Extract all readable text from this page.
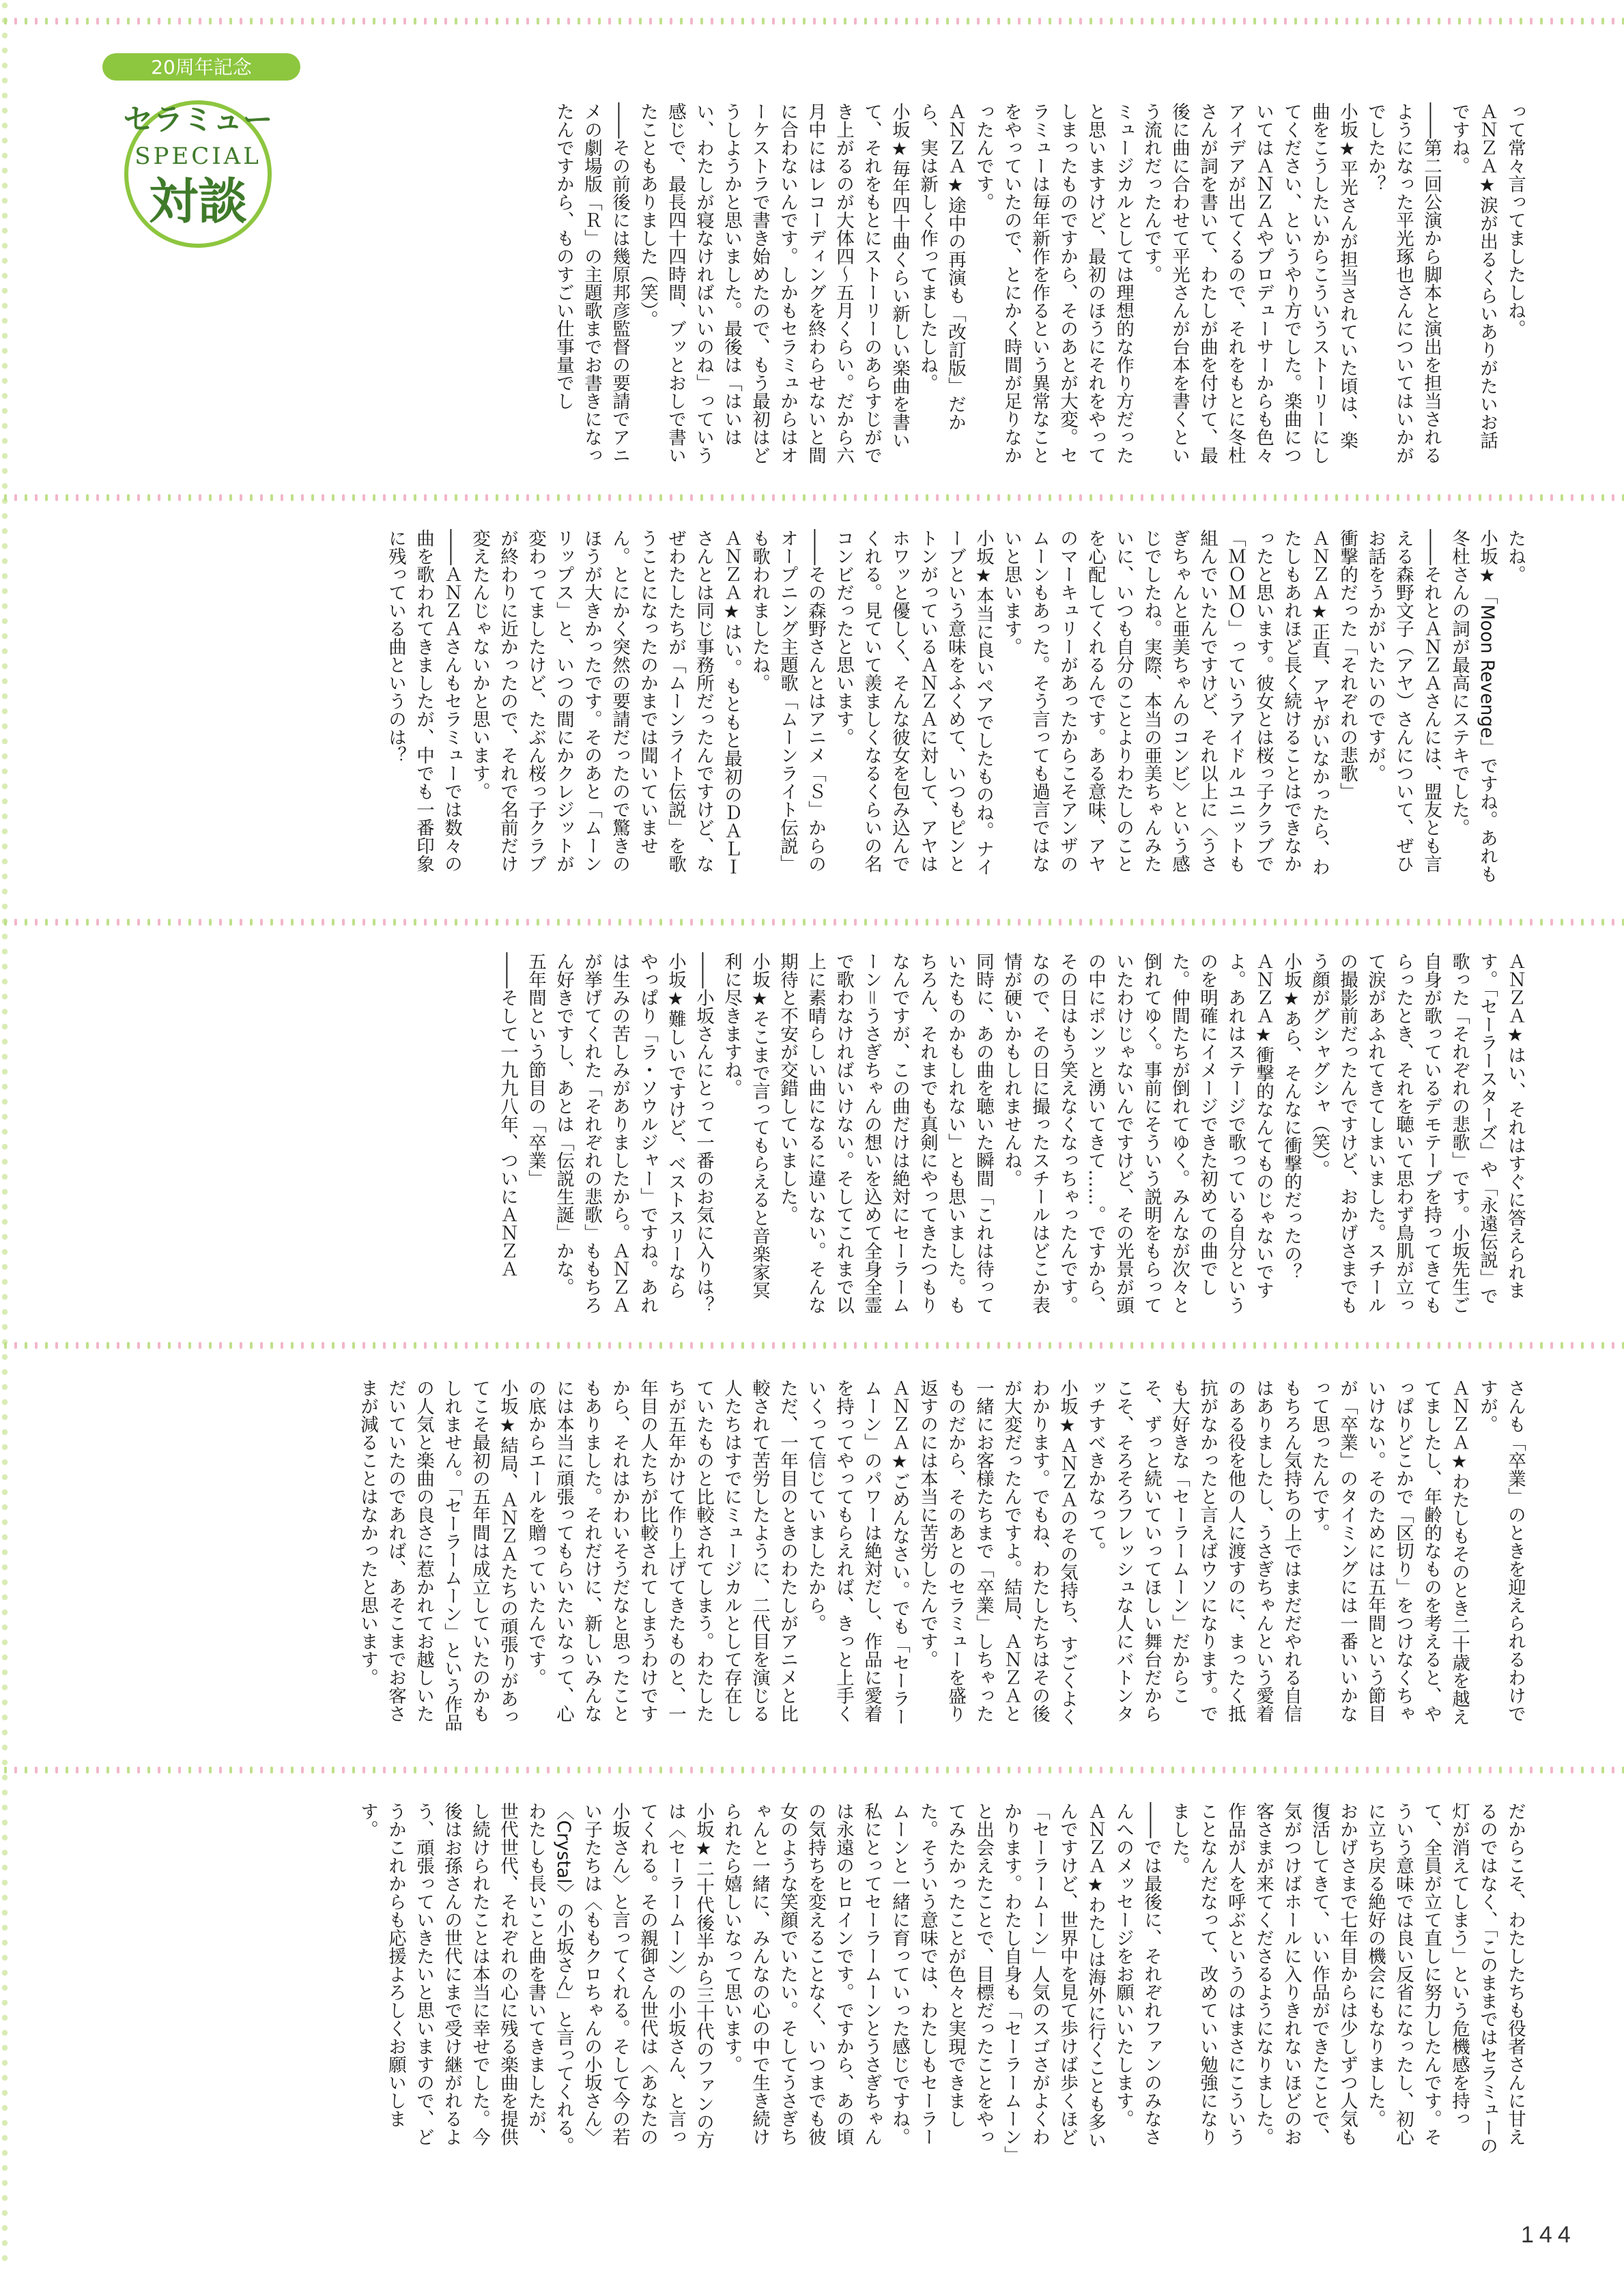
20周年記念
セラミュー
SPECIAL
対談	って常々言ってましたしね。
ＡＮＺＡ★涙が出るくらいありがたいお話ですね。
――第二回公演から脚本と演出を担当されるようになった平光琢也さんについてはいかがでしたか？
小坂★平光さんが担当されていた頃は、楽曲をこうしたいからこういうストーリーにしてください、というやり方でした。楽曲についてはＡＮＺＡやプロデューサーからも色々アイデアが出てくるので、それをもとに冬杜さんが詞を書いて、わたしが曲を付けて、最後に曲に合わせて平光さんが台本を書くという流れだったんです。
ミュージカルとしては理想的な作り方だったと思いますけど、最初のほうにそれをやってしまったものですから、そのあとが大変。セラミューは毎年新作を作るという異常なことをやっていたので、とにかく時間が足りなかったんです。
ＡＮＺＡ★途中の再演も「改訂版」だから、実は新しく作ってましたしね。
小坂★毎年四十曲くらい新しい楽曲を書いて、それをもとにストーリーのあらすじができ上がるのが大体四～五月くらい。だから六月中にはレコーディングを終わらせないと間に合わないんです。しかもセラミュからはオーケストラで書き始めたので、もう最初はどうしようかと思いました。最後は「はいはい、わたしが寝なければいいのね」っていう感じで、最長四十四時間、ブッとおしで書いたこともありました（笑）。
――その前後には幾原邦彦監督の要請でアニメの劇場版「Ｒ」の主題歌までお書きになったんですから、ものすごい仕事量でし
たね。
小坂★「Moon Revenge」ですね。あれも冬杜さんの詞が最高にステキでした。
――それとＡＮＺＡさんには、盟友とも言える森野文子（アヤ）さんについて、ぜひお話をうかがいたいのですが。
衝撃的だった「それぞれの悲歌」
ＡＮＺＡ★正直、アヤがいなかったら、わたしもあれほど長く続けることはできなかったと思います。彼女とは桜っ子クラブで「ＭＯＭＯ」っていうアイドルユニットも組んでいたんですけど、それ以上に〈うさぎちゃんと亜美ちゃんのコンビ〉という感じでしたね。実際、本当の亜美ちゃんみたいに、いつも自分のことよりわたしのことを心配してくれるんです。ある意味、アヤのマーキュリーがあったからこそアンザのムーンもあった。そう言っても過言ではないと思います。
小坂★本当に良いペアでしたものね。ナイーブという意味をふくめて、いつもピンとトンがっているＡＮＺＡに対して、アヤはホワッと優しく、そんな彼女を包み込んでくれる。見ていて羨ましくなるくらいの名コンビだったと思います。
――その森野さんとはアニメ「Ｓ」からのオープニング主題歌「ムーンライト伝説」も歌われましたね。
ＡＮＺＡ★はい。もともと最初のＤＡＬＩさんとは同じ事務所だったんですけど、なぜわたしたちが「ムーンライト伝説」を歌うことになったのかまでは聞いていません。とにかく突然の要請だったので驚きのほうが大きかったです。そのあと「ムーンリップス」と、いつの間にかクレジットが変わってましたけど、たぶん桜っ子クラブが終わりに近かったので、それで名前だけ変えたんじゃないかと思います。
――ＡＮＺＡさんもセラミューでは数々の曲を歌われてきましたが、中でも一番印象に残っている曲というのは？
ＡＮＺＡ★はい、それはすぐに答えられます。「セーラースターズ」や「永遠伝説」で歌った「それぞれの悲歌」です。小坂先生ご自身が歌っているデモテープを持ってきてもらったとき、それを聴いて思わず鳥肌が立って涙があふれてきてしまいました。スチールの撮影前だったんですけど、おかげさまでもう顔がグシャグシャ（笑）。
小坂★あら、そんなに衝撃的だったの？
ＡＮＺＡ★衝撃的なんてものじゃないですよ。あれはステージで歌っている自分というのを明確にイメージできた初めての曲でした。仲間たちが倒れてゆく。みんなが次々と倒れてゆく。事前にそういう説明をもらっていたわけじゃないんですけど、その光景が頭の中にポンッと湧いてきて……。ですから、その日はもう笑えなくなっちゃったんです。なので、その日に撮ったスチールはどこか表情が硬いかもしれませんね。
同時に、あの曲を聴いた瞬間「これは待っていたものかもしれない」とも思いました。もちろん、それまでも真剣にやってきたつもりなんですが、この曲だけは絶対にセーラームーン＝うさぎちゃんの想いを込めて全身全霊で歌わなければいけない。そしてこれまで以上に素晴らしい曲になるに違いない。そんな期待と不安が交錯していました。
小坂★そこまで言ってもらえると音楽家冥利に尽きますね。
――小坂さんにとって一番のお気に入りは？
小坂★難しいですけど、ベストスリーならやっぱり「ラ・ソウルジャー」ですね。あれは生みの苦しみがありましたから。ＡＮＺＡが挙げてくれた「それぞれの悲歌」ももちろん好きですし、あとは「伝説生誕」かな。
五年間という節目の「卒業」
――そして一九九八年、ついにＡＮＺＡ
さんも「卒業」のときを迎えられるわけですが。
ＡＮＺＡ★わたしもそのとき二十歳を越えてましたし、年齢的なものを考えると、やっぱりどこかで「区切り」をつけなくちゃいけない。そのためには五年間という節目が「卒業」のタイミングには一番いいかなって思ったんです。
もちろん気持ちの上ではまだだやれる自信はありましたし、うさぎちゃんという愛着のある役を他の人に渡すのに、まったく抵抗がなかったと言えばウソになります。でも大好きな「セーラームーン」だからこそ、ずっと続いていってほしい舞台だからこそ、そろそろフレッシュな人にバトンタッチすべきかなって。
小坂★ＡＮＺＡのその気持ち、すごくよくわかります。でもね、わたしたちはその後が大変だったんですよ。結局、ＡＮＺＡと一緒にお客様たちまで「卒業」しちゃったものだから、そのあとのセラミューを盛り返すのには本当に苦労したんです。
ＡＮＺＡ★ごめんなさい。でも「セーラームーン」のパワーは絶対だし、作品に愛着を持ってやってもらえれば、きっと上手くいくって信じていましたから。
ただ、一年目のときのわたしがアニメと比較されて苦労したように、二代目を演じる人たちはすでにミュージカルとして存在していたものと比較されてしまう。わたしたちが五年かけて作り上げてきたものと、一年目の人たちが比較されてしまうわけですから、それはかわいそうだなと思ったこともありました。それだけに、新しいみんなには本当に頑張ってもらいたいなって、心の底からエールを贈っていたんです。
小坂★結局、ＡＮＺＡたちの頑張りがあってこそ最初の五年間は成立していたのかもしれません。「セーラームーン」という作品の人気と楽曲の良さに惹かれてお越しいただいていたのであれば、あそこまでお客さまが減ることはなかったと思います。
だからこそ、わたしたちも役者さんに甘えるのではなく、「このままではセラミューの灯が消えてしまう」という危機感を持って、全員が立て直しに努力したんです。そういう意味では良い反省になったし、初心に立ち戻る絶好の機会にもなりました。
おかげさまで七年目からは少しずつ人気も復活してきて、いい作品ができたことで、気がつけばホールに入りきれないほどのお客さまが来てくださるようになりました。作品が人を呼ぶというのはまさにこういうことなんだなって、改めていい勉強になりました。
――では最後に、それぞれファンのみなさんへのメッセージをお願いいたします。
ＡＮＺＡ★わたしは海外に行くことも多いんですけど、世界中を見て歩けば歩くほど「セーラームーン」人気のスゴさがよくわかります。わたし自身も「セーラームーン」と出会えたことで、目標だったことをやってみたかったことが色々と実現できました。そういう意味では、わたしもセーラームーンと一緒に育っていった感じですね。私にとってセーラームーンとうさぎちゃんは永遠のヒロインです。ですから、あの頃の気持ちを変えることなく、いつまでも彼女のような笑顔でいたい。そしてうさぎちゃんと一緒に、みんなの心の中で生き続けられたら嬉しいなって思います。
小坂★二十代後半から三十代のファンの方は〈セーラームーン〉の小坂さん、と言ってくれる。その親御さん世代は〈あなたの小坂さん〉と言ってくれる。そして今の若い子たちは〈ももクロちゃんの小坂さん〉〈Crystal〉の小坂さん」と言ってくれる。わたしも長いこと曲を書いてきましたが、世代世代、それぞれの心に残る楽曲を提供し続けられたことは本当に幸せでした。今後はお孫さんの世代にまで受け継がれるよう、頑張っていきたいと思いますので、どうかこれからも応援よろしくお願いします。
144
